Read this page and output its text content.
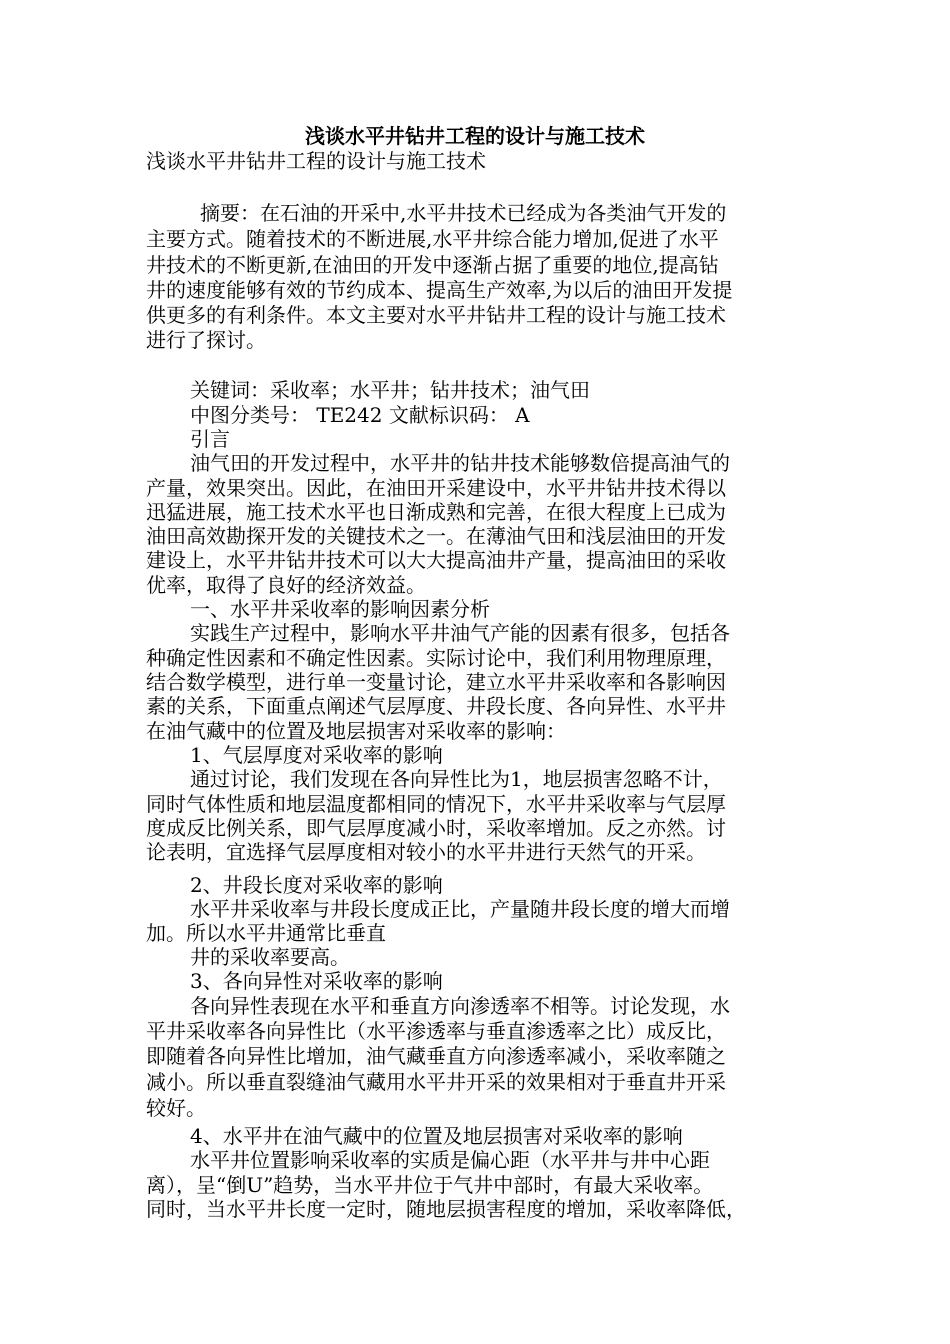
浅谈水平井钻井工程的设计与施工技术
浅谈水平井钻井工程的设计与施工技术
摘要：在石油的开采中,水平井技术已经成为各类油气开发的
主要方式。随着技术的不断进展,水平井综合能力增加,促进了水平
井技术的不断更新,在油田的开发中逐渐占据了重要的地位,提高钻
井的速度能够有效的节约成本、提高生产效率,为以后的油田开发提
供更多的有利条件。本文主要对水平井钻井工程的设计与施工技术
进行了探讨。
关键词：采收率；水平井；钻井技术；油气田
中图分类号： TE242 文献标识码： A
引言
油气田的开发过程中，水平井的钻井技术能够数倍提高油气的
产量，效果突出。因此，在油田开采建设中，水平井钻井技术得以
迅猛进展，施工技术水平也日渐成熟和完善，在很大程度上已成为
油田高效勘探开发的关键技术之一。在薄油气田和浅层油田的开发
建设上，水平井钻井技术可以大大提高油井产量，提高油田的采收
优率，取得了良好的经济效益。
一、水平井采收率的影响因素分析
实践生产过程中，影响水平井油气产能的因素有很多，包括各
种确定性因素和不确定性因素。实际讨论中，我们利用物理原理，
结合数学模型，进行单一变量讨论，建立水平井采收率和各影响因
素的关系，下面重点阐述气层厚度、井段长度、各向异性、水平井
在油气藏中的位置及地层损害对采收率的影响：
1、气层厚度对采收率的影响
通过讨论，我们发现在各向异性比为1，地层损害忽略不计，
同时气体性质和地层温度都相同的情况下，水平井采收率与气层厚
度成反比例关系，即气层厚度减小时，采收率增加。反之亦然。讨
论表明，宜选择气层厚度相对较小的水平井进行天然气的开采。
2、井段长度对采收率的影响
水平井采收率与井段长度成正比，产量随井段长度的增大而增
加。所以水平井通常比垂直
井的采收率要高。
3、各向异性对采收率的影响
各向异性表现在水平和垂直方向渗透率不相等。讨论发现，水
平井采收率各向异性比（水平渗透率与垂直渗透率之比）成反比，
即随着各向异性比增加，油气藏垂直方向渗透率减小，采收率随之
减小。所以垂直裂缝油气藏用水平井开采的效果相对于垂直井开采
较好。
4、水平井在油气藏中的位置及地层损害对采收率的影响
水平井位置影响采收率的实质是偏心距（水平井与井中心距
离），呈“倒U”趋势，当水平井位于气井中部时，有最大采收率。
同时，当水平井长度一定时，随地层损害程度的增加，采收率降低，
